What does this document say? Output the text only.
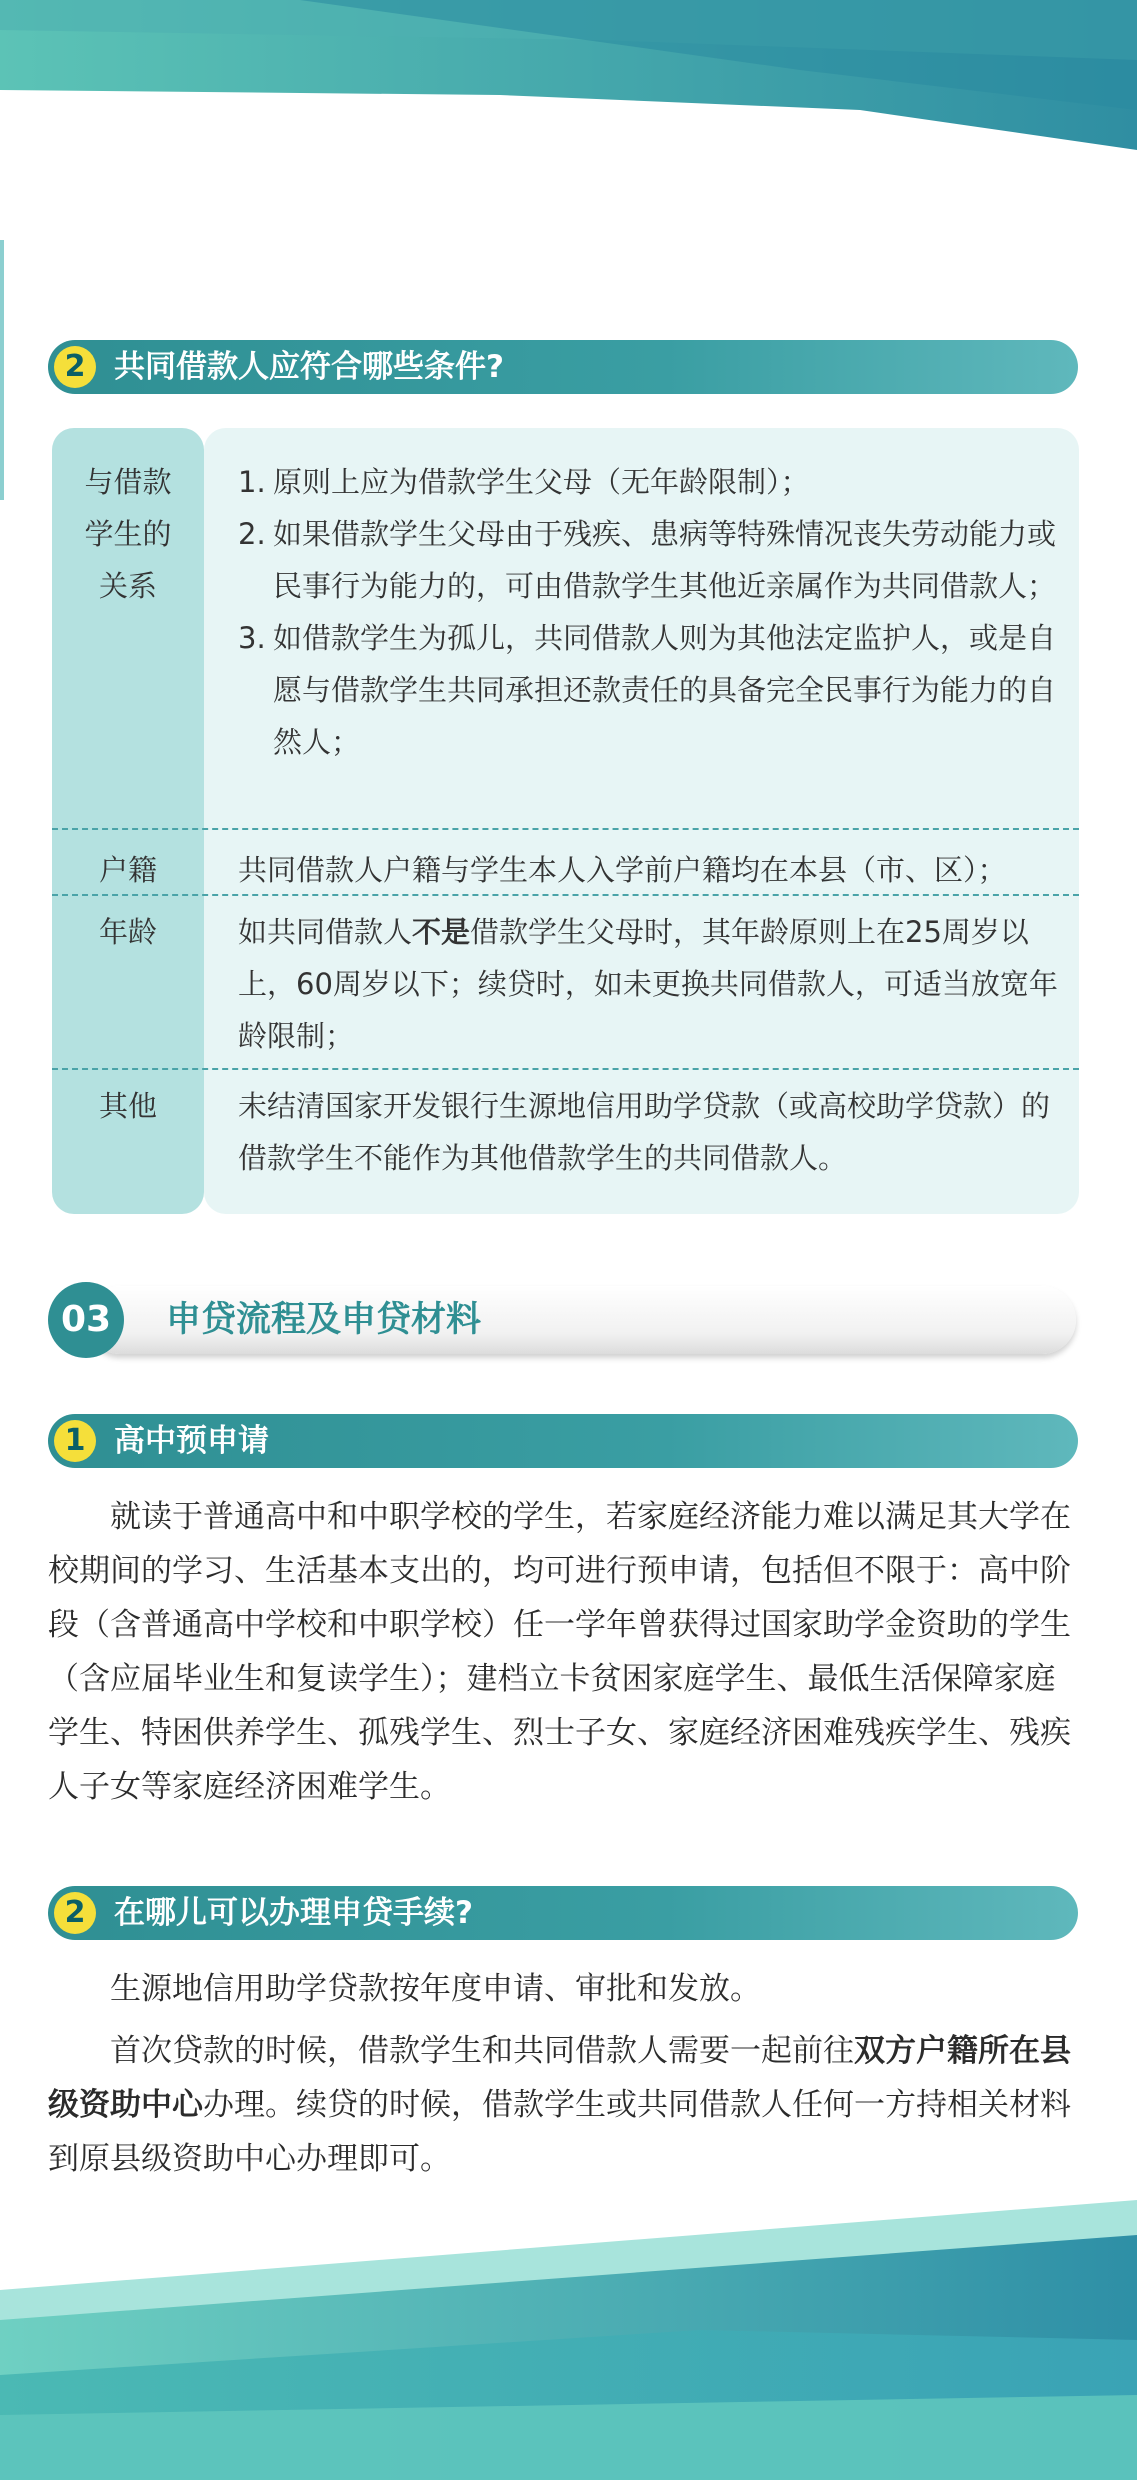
2 共同借款人应符合哪些条件?
与借款学生的关系
1. 原则上应为借款学生父母（无年龄限制）；
2. 如果借款学生父母由于残疾、患病等特殊情况丧失劳动能力或民事行为能力的，可由借款学生其他近亲属作为共同借款人；
3. 如借款学生为孤儿，共同借款人则为其他法定监护人，或是自愿与借款学生共同承担还款责任的具备完全民事行为能力的自然人；
户籍	共同借款人户籍与学生本人入学前户籍均在本县（市、区）；
年龄	如共同借款人不是借款学生父母时，其年龄原则上在25周岁以上，60周岁以下；续贷时，如未更换共同借款人，可适当放宽年龄限制；
其他	未结清国家开发银行生源地信用助学贷款（或高校助学贷款）的借款学生不能作为其他借款学生的共同借款人。
03	申贷流程及申贷材料
1 高中预申请

就读于普通高中和中职学校的学生，若家庭经济能力难以满足其大学在校期间的学习、生活基本支出的，均可进行预申请，包括但不限于：高中阶段（含普通高中学校和中职学校）任一学年曾获得过国家助学金资助的学生（含应届毕业生和复读学生）；建档立卡贫困家庭学生、最低生活保障家庭学生、特困供养学生、孤残学生、烈士子女、家庭经济困难残疾学生、残疾人子女等家庭经济困难学生。

2 在哪儿可以办理申贷手续?

生源地信用助学贷款按年度申请、审批和发放。

首次贷款的时候，借款学生和共同借款人需要一起前往双方户籍所在县级资助中心办理。续贷的时候，借款学生或共同借款人任何一方持相关材料到原县级资助中心办理即可。
